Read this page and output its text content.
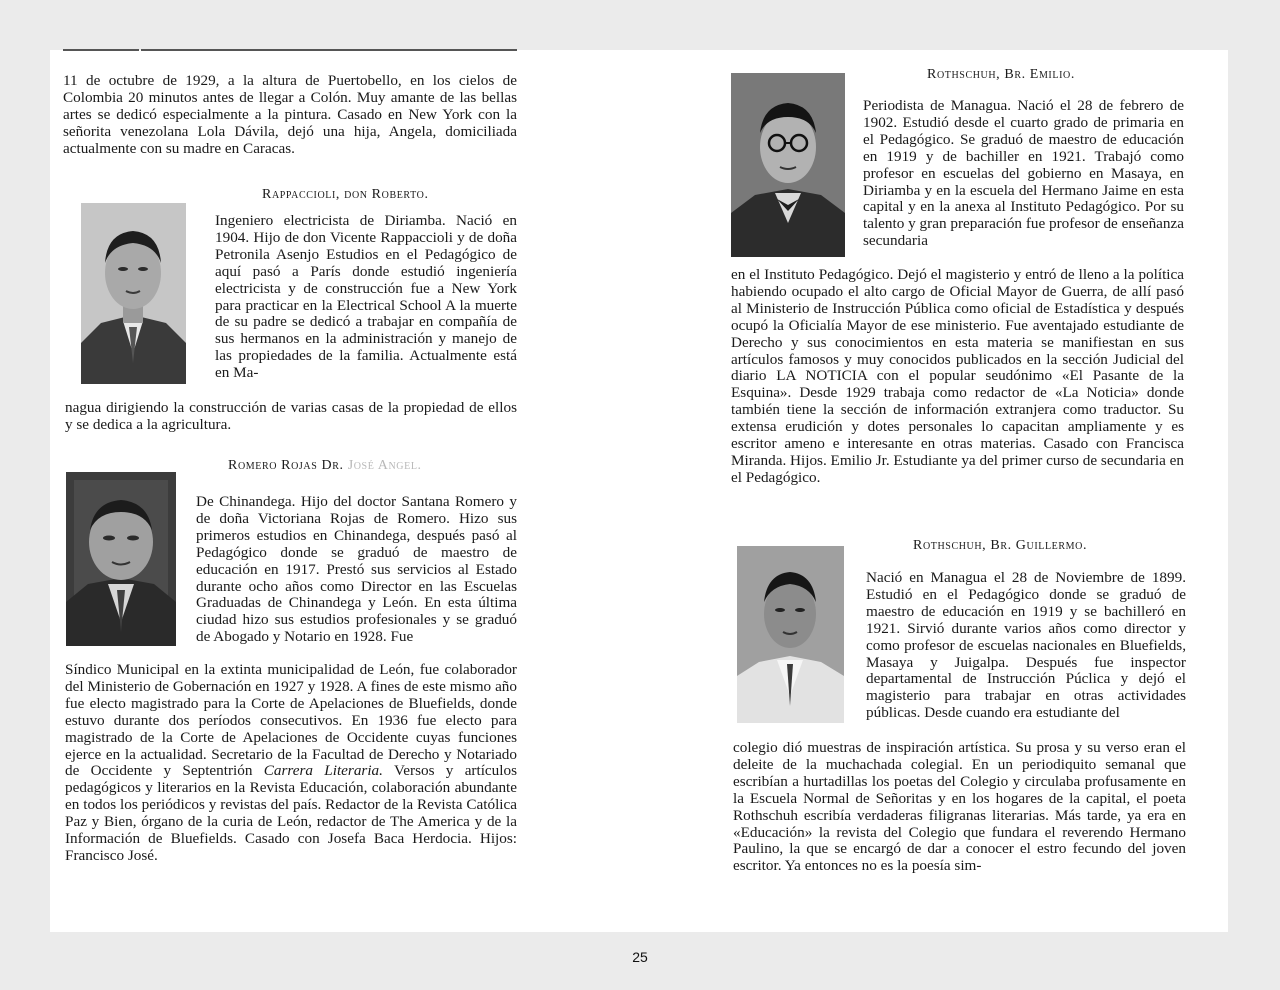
11 de octubre de 1929, a la altura de Puertobello, en los cielos de Colombia 20 minutos antes de llegar a Colón. Muy amante de las bellas artes se dedicó especialmente a la pintura. Casado en New York con la señorita venezolana Lola Dávila, dejó una hija, Angela, domiciliada actualmente con su madre en Caracas.

Rappaccioli, don Roberto.

Ingeniero electricista de Diriamba. Nació en 1904. Hijo de don Vicente Rappaccioli y de doña Petronila Asenjo Estudios en el Pedagógico de aquí pasó a París donde estudió ingeniería electricista y de construcción fue a New York para practicar en la Electrical School A la muerte de su padre se dedicó a trabajar en compañía de sus hermanos en la administración y manejo de las propiedades de la familia. Actualmente está en Ma-

nagua dirigiendo la construcción de varias casas de la propiedad de ellos y se dedica a la agricultura.

Romero Rojas Dr. José Angel.

De Chinandega. Hijo del doctor Santana Romero y de doña Victoriana Rojas de Romero. Hizo sus primeros estudios en Chinandega, después pasó al Pedagógico donde se graduó de maestro de educación en 1917. Prestó sus servicios al Estado durante ocho años como Director en las Escuelas Graduadas de Chinandega y León. En esta última ciudad hizo sus estudios profesionales y se graduó de Abogado y Notario en 1928. Fue

Síndico Municipal en la extinta municipalidad de León, fue colaborador del Ministerio de Gobernación en 1927 y 1928. A fines de este mismo año fue electo magistrado para la Corte de Apelaciones de Bluefields, donde estuvo durante dos períodos consecutivos. En 1936 fue electo para magistrado de la Corte de Apelaciones de Occidente cuyas funciones ejerce en la actualidad. Secretario de la Facultad de Derecho y Notariado de Occidente y Septentrión Carrera Literaria. Versos y artículos pedagógicos y literarios en la Revista Educación, colaboración abundante en todos los periódicos y revistas del país. Redactor de la Revista Católica Paz y Bien, órgano de la curia de León, redactor de The America y de la Información de Bluefields. Casado con Josefa Baca Herdocia. Hijos: Francisco José.

Rothschuh, Br. Emilio.

Periodista de Managua. Nació el 28 de febrero de 1902. Estudió desde el cuarto grado de primaria en el Pedagógico. Se graduó de maestro de educación en 1919 y de bachiller en 1921. Trabajó como profesor en escuelas del gobierno en Masaya, en Diriamba y en la escuela del Hermano Jaime en esta capital y en la anexa al Instituto Pedagógico. Por su talento y gran preparación fue profesor de enseñanza secundaria

en el Instituto Pedagógico. Dejó el magisterio y entró de lleno a la política habiendo ocupado el alto cargo de Oficial Mayor de Guerra, de allí pasó al Ministerio de Instrucción Pública como oficial de Estadística y después ocupó la Oficialía Mayor de ese ministerio. Fue aventajado estudiante de Derecho y sus conocimientos en esta materia se manifiestan en sus artículos famosos y muy conocidos publicados en la sección Judicial del diario LA NOTICIA con el popular seudónimo «El Pasante de la Esquina». Desde 1929 trabaja como redactor de «La Noticia» donde también tiene la sección de información extranjera como traductor. Su extensa erudición y dotes personales lo capacitan ampliamente y es escritor ameno e interesante en otras materias. Casado con Francisca Miranda. Hijos. Emilio Jr. Estudiante ya del primer curso de secundaria en el Pedagógico.

Rothschuh, Br. Guillermo.

Nació en Managua el 28 de Noviembre de 1899. Estudió en el Pedagógico donde se graduó de maestro de educación en 1919 y se bachilleró en 1921. Sirvió durante varios años como director y como profesor de escuelas nacionales en Bluefields, Masaya y Juigalpa. Después fue inspector departamental de Instrucción Púclica y dejó el magisterio para trabajar en otras actividades públicas. Desde cuando era estudiante del

colegio dió muestras de inspiración artística. Su prosa y su verso eran el deleite de la muchachada colegial. En un periodiquito semanal que escribían a hurtadillas los poetas del Colegio y circulaba profusamente en la Escuela Normal de Señoritas y en los hogares de la capital, el poeta Rothschuh escribía verdaderas filigranas literarias. Más tarde, ya era en «Educación» la revista del Colegio que fundara el reverendo Hermano Paulino, la que se encargó de dar a conocer el estro fecundo del joven escritor. Ya entonces no es la poesía sim-

25
